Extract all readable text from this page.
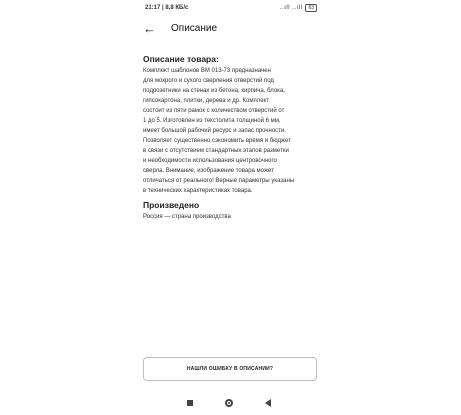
21:17 | 8,8 КБ/с	..ıll ..ıll	63
←	Описание
Описание товара:

Комплект шаблонов ВМ 013-73 предназначен
для мокрого и сухого сверления отверстий под
подрозетники на стенах из бетона, кирпича, блока,
гипсокартона, плитки, дерева и др. Комплект
состоит из пяти рамок с количеством отверстий от
1 до 5. Изготовлен из текстолита толщиной 6 мм,
имеет большой рабочий ресурс и запас прочности.
Позволяет существенно сэкономить время и бюджет
в связи с отсутствием стандартных этапов разметки
и необходимости использования центровочного
сверла. Внимание, изображение товара может
отличаться от реального! Верные параметры указаны
в технических характеристиках товара.

Произведено

Россия — страна производства

НАШЛИ ОШИБКУ В ОПИСАНИИ?
